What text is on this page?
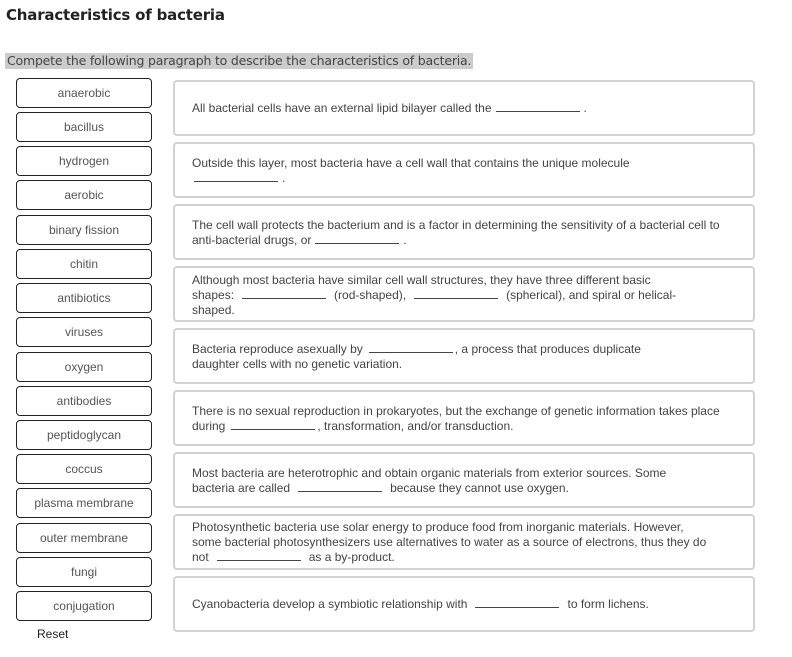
Characteristics of bacteria
Compete the following paragraph to describe the characteristics of bacteria.
anaerobic
bacillus
hydrogen
aerobic
binary fission
chitin
antibiotics
viruses
oxygen
antibodies
peptidoglycan
coccus
plasma membrane
outer membrane
fungi
conjugation
Reset
All bacterial cells have an external lipid bilayer called the	.
Outside this layer, most bacteria have a cell wall that contains the unique molecule
.
The cell wall protects the bacterium and is a factor in determining the sensitivity of a bacterial cell to anti-bacterial drugs, or	.
Although most bacteria have similar cell wall structures, they have three different basic shapes:	(rod-shaped),	(spherical), and spiral or helical-shaped.
Bacteria reproduce asexually by	, a process that produces duplicate daughter cells with no genetic variation.
There is no sexual reproduction in prokaryotes, but the exchange of genetic information takes place during	, transformation, and/or transduction.
Most bacteria are heterotrophic and obtain organic materials from exterior sources. Some bacteria are called	because they cannot use oxygen.
Photosynthetic bacteria use solar energy to produce food from inorganic materials. However, some bacterial photosynthesizers use alternatives to water as a source of electrons, thus they do not	as a by-product.
Cyanobacteria develop a symbiotic relationship with	to form lichens.
